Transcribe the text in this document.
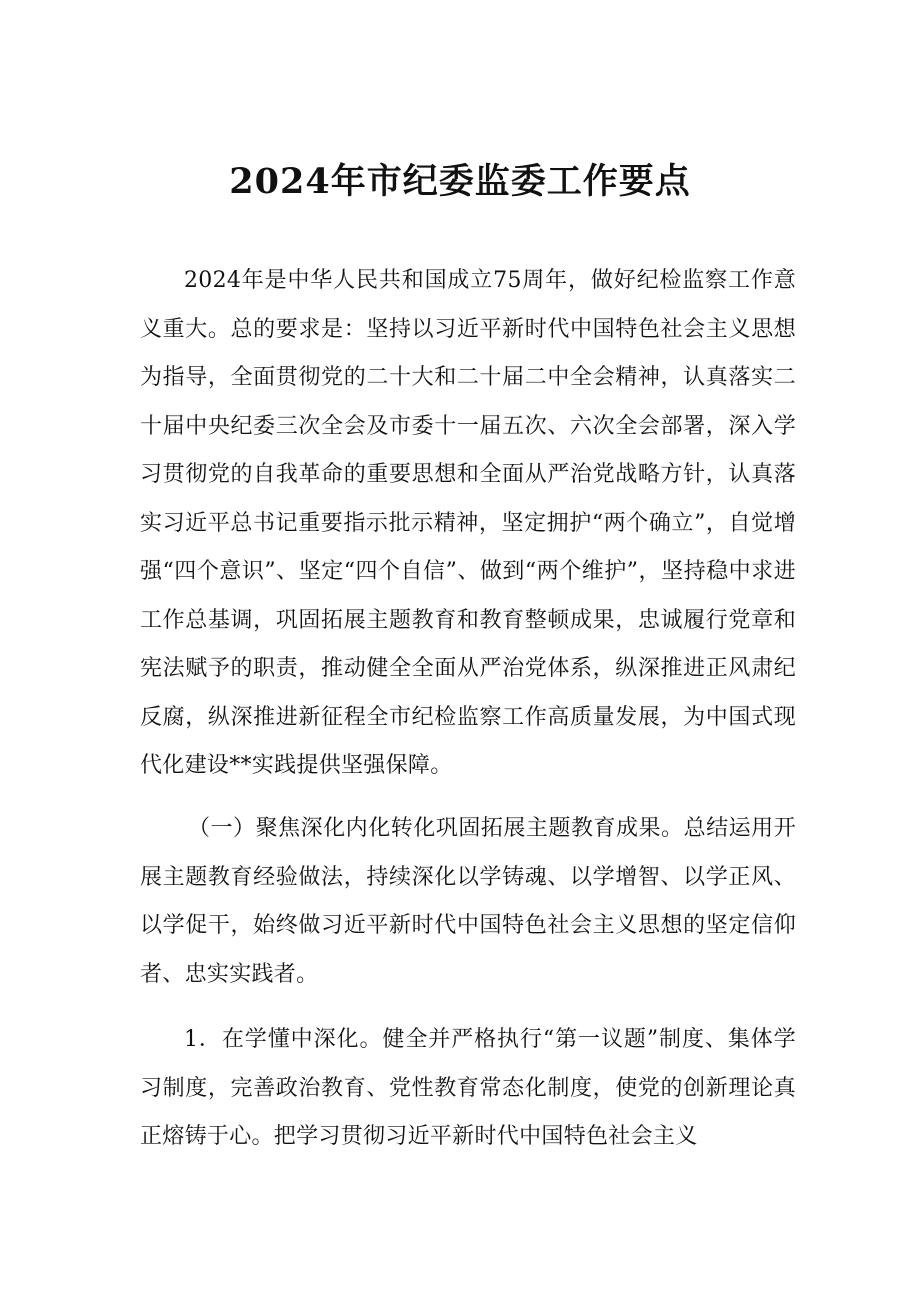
2024年市纪委监委工作要点

2024年是中华人民共和国成立75周年，做好纪检监察工作意义重大。总的要求是：坚持以习近平新时代中国特色社会主义思想为指导，全面贯彻党的二十大和二十届二中全会精神，认真落实二十届中央纪委三次全会及市委十一届五次、六次全会部署，深入学习贯彻党的自我革命的重要思想和全面从严治党战略方针，认真落实习近平总书记重要指示批示精神，坚定拥护“两个确立”，自觉增强“四个意识”、坚定“四个自信”、做到“两个维护”，坚持稳中求进工作总基调，巩固拓展主题教育和教育整顿成果，忠诚履行党章和宪法赋予的职责，推动健全全面从严治党体系，纵深推进正风肃纪反腐，纵深推进新征程全市纪检监察工作高质量发展，为中国式现代化建设**实践提供坚强保障。

（一）聚焦深化内化转化巩固拓展主题教育成果。总结运用开展主题教育经验做法，持续深化以学铸魂、以学增智、以学正风、以学促干，始终做习近平新时代中国特色社会主义思想的坚定信仰者、忠实实践者。

1．在学懂中深化。健全并严格执行“第一议题”制度、集体学习制度，完善政治教育、党性教育常态化制度，使党的创新理论真正熔铸于心。把学习贯彻习近平新时代中国特色社会主义
